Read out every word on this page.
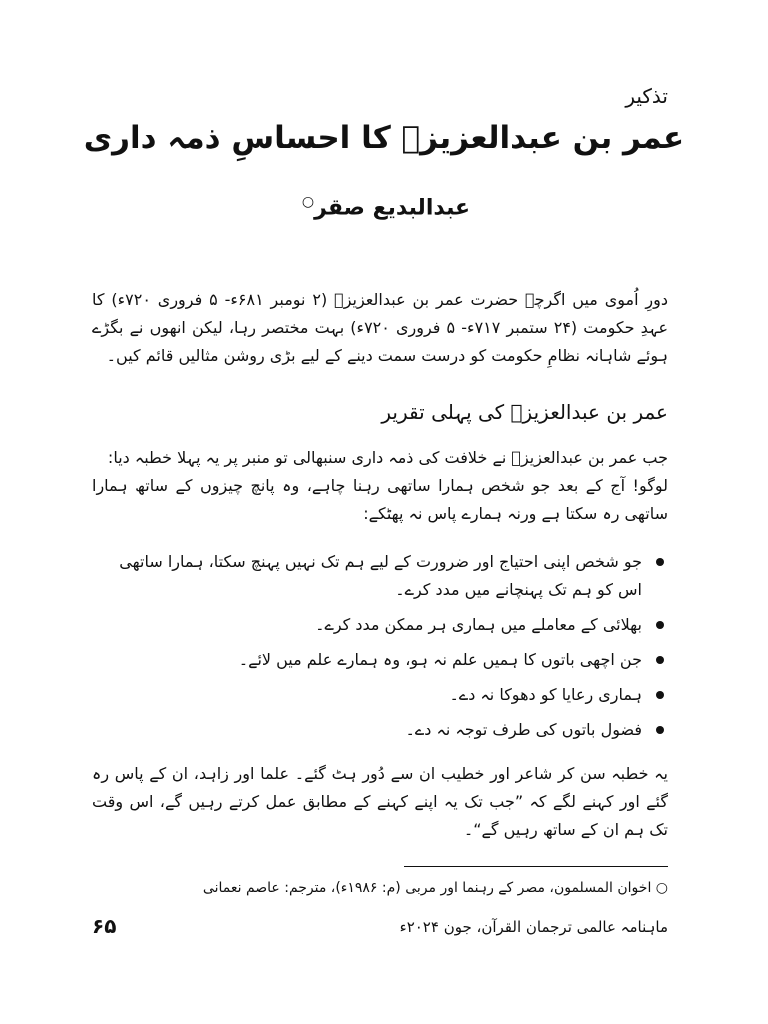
تذکیر
عمر بن عبدالعزیزؒ کا احساسِ ذمہ داری
عبدالبدیع صقر○

دورِ اُموی میں اگرچہ حضرت عمر بن عبدالعزیزؒ (۲ نومبر ۶۸۱ء- ۵ فروری ۷۲۰ء) کا عہدِ حکومت (۲۴ ستمبر ۷۱۷ء- ۵ فروری ۷۲۰ء) بہت مختصر رہا، لیکن انھوں نے بگڑے ہوئے شاہانہ نظامِ حکومت کو درست سمت دینے کے لیے بڑی روشن مثالیں قائم کیں۔

عمر بن عبدالعزیزؒ کی پہلی تقریر

جب عمر بن عبدالعزیزؒ نے خلافت کی ذمہ داری سنبھالی تو منبر پر یہ پہلا خطبہ دیا:

لوگو! آج کے بعد جو شخص ہمارا ساتھی رہنا چاہے، وہ پانچ چیزوں کے ساتھ ہمارا ساتھی رہ سکتا ہے ورنہ ہمارے پاس نہ پھٹکے:

جو شخص اپنی احتیاج اور ضرورت کے لیے ہم تک نہیں پہنچ سکتا، ہمارا ساتھی اس کو ہم تک پہنچانے میں مدد کرے۔
بھلائی کے معاملے میں ہماری ہر ممکن مدد کرے۔
جن اچھی باتوں کا ہمیں علم نہ ہو، وہ ہمارے علم میں لائے۔
ہماری رعایا کو دھوکا نہ دے۔
فضول باتوں کی طرف توجہ نہ دے۔

یہ خطبہ سن کر شاعر اور خطیب ان سے دُور ہٹ گئے۔ علما اور زاہد، ان کے پاس رہ گئے اور کہنے لگے کہ ”جب تک یہ اپنے کہنے کے مطابق عمل کرتے رہیں گے، اس وقت تک ہم ان کے ساتھ رہیں گے“۔

○ اخوان المسلمون، مصر کے رہنما اور مربی (م: ۱۹۸۶ء)، مترجم: عاصم نعمانی
۶۵	ماہنامہ عالمی ترجمان القرآن، جون ۲۰۲۴ء
